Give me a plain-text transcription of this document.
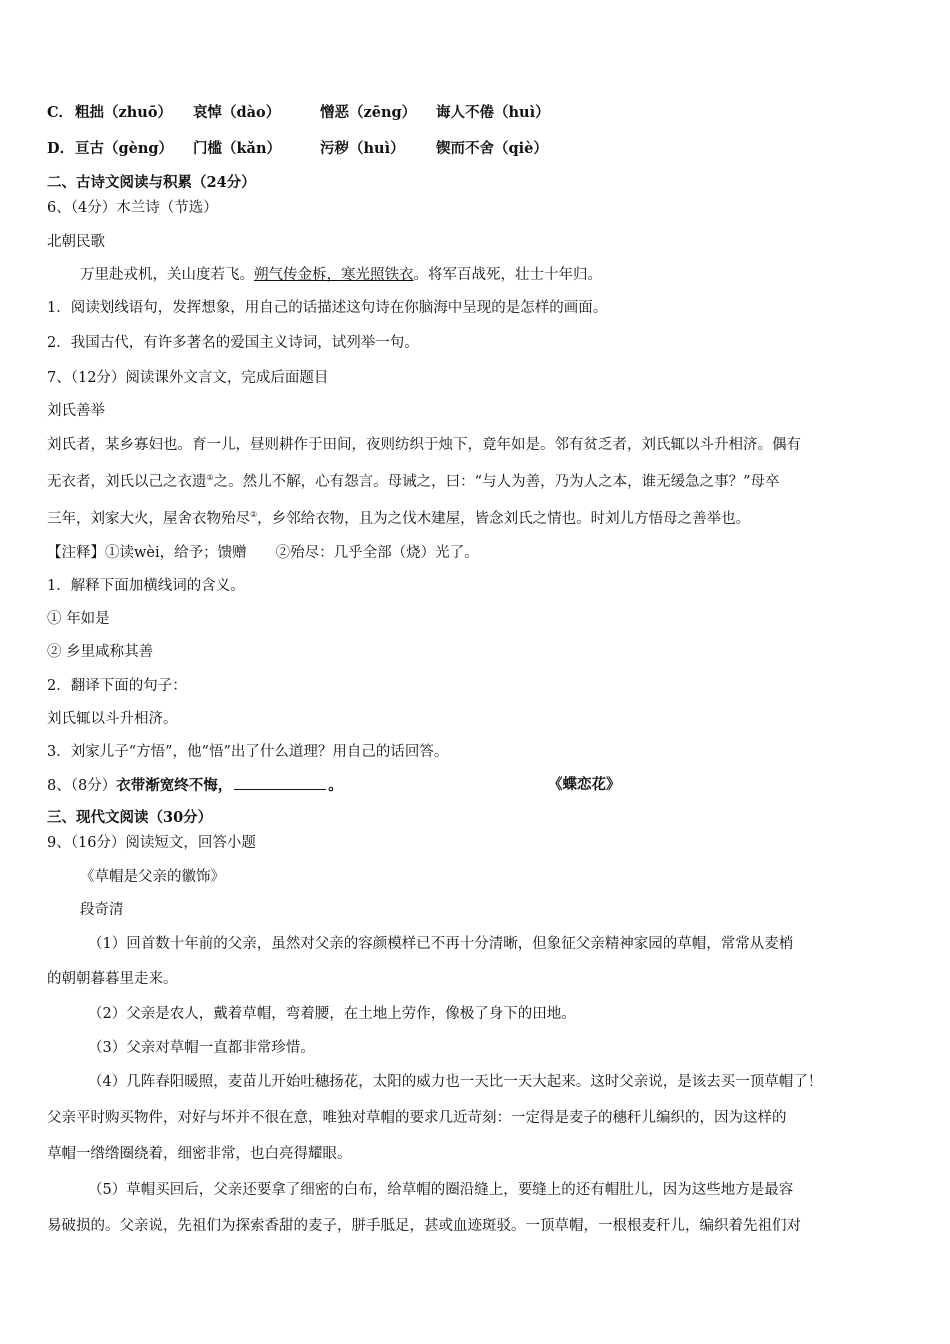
C． 粗拙（zhuō） 哀悼（dào）	憎恶（zēng） 诲人不倦（huì）
D． 亘古（gèng） 门槛（kǎn）	污秽（huì） 锲而不舍（qiè）
二、古诗文阅读与积累（24分）
6、（4分）木兰诗（节选）
北朝民歌
万里赴戎机，关山度若飞。朔气传金柝，寒光照铁衣。将军百战死，壮士十年归。
1．阅读划线语句，发挥想象，用自己的话描述这句诗在你脑海中呈现的是怎样的画面。
2．我国古代，有许多著名的爱国主义诗词，试列举一句。
7、（12分）阅读课外文言文，完成后面题目
刘氏善举
刘氏者，某乡寡妇也。育一儿，昼则耕作于田间，夜则纺织于烛下，竟年如是。邻有贫乏者，刘氏辄以斗升相济。偶有
无衣者，刘氏以己之衣遗①之。然儿不解，心有怨言。母诫之，曰：“与人为善，乃为人之本，谁无缓急之事？”母卒
三年，刘家大火，屋舍衣物殆尽②，乡邻给衣物，且为之伐木建屋，皆念刘氏之情也。时刘儿方悟母之善举也。
【注释】①读wèi，给予；馈赠　　②殆尽：几乎全部（烧）光了。
1．解释下面加横线词的含义。
① 年如是
② 乡里咸称其善
2．翻译下面的句子：
刘氏辄以斗升相济。
3．刘家儿子“方悟”，他“悟”出了什么道理？用自己的话回答。
8、（8分）衣带渐宽终不悔，	。	《蝶恋花》
三、现代文阅读（30分）
9、（16分）阅读短文，回答小题
《草帽是父亲的徽饰》
段奇清
（1）回首数十年前的父亲，虽然对父亲的容颜模样已不再十分清晰，但象征父亲精神家园的草帽，常常从麦梢
的朝朝暮暮里走来。
（2）父亲是农人，戴着草帽，弯着腰，在土地上劳作，像极了身下的田地。
（3）父亲对草帽一直都非常珍惜。
（4）几阵春阳暖照，麦苗儿开始吐穗扬花，太阳的威力也一天比一天大起来。这时父亲说，是该去买一顶草帽了！
父亲平时购买物件，对好与坏并不很在意，唯独对草帽的要求几近苛刻：一定得是麦子的穗秆儿编织的，因为这样的
草帽一绺绺圈绕着，细密非常，也白亮得耀眼。
（5）草帽买回后，父亲还要拿了细密的白布，给草帽的圈沿缝上，要缝上的还有帽肚儿，因为这些地方是最容
易破损的。父亲说，先祖们为探索香甜的麦子，胼手胝足，甚或血迹斑驳。一顶草帽，一根根麦秆儿，编织着先祖们对
